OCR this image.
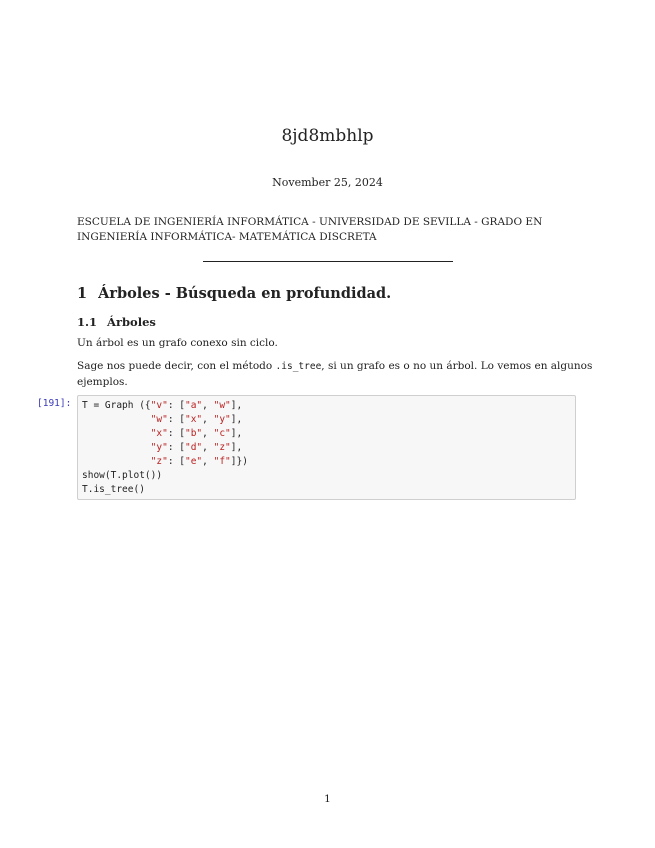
8jd8mbhlp
November 25, 2024
ESCUELA DE INGENIERÍA INFORMÁTICA - UNIVERSIDAD DE SEVILLA - GRADO EN
INGENIERÍA INFORMÁTICA- MATEMÁTICA DISCRETA
1 Árboles - Búsqueda en profundidad.
1.1 Árboles
Un árbol es un grafo conexo sin ciclo.
Sage nos puede decir, con el método .is_tree, si un grafo es o no un árbol. Lo vemos en algunos
ejemplos.
[191]: T = Graph ({"v": ["a", "w"],
"w": ["x", "y"],
"x": ["b", "c"],
"y": ["d", "z"],
"z": ["e", "f"]})
show(T.plot())
T.is_tree()
1
